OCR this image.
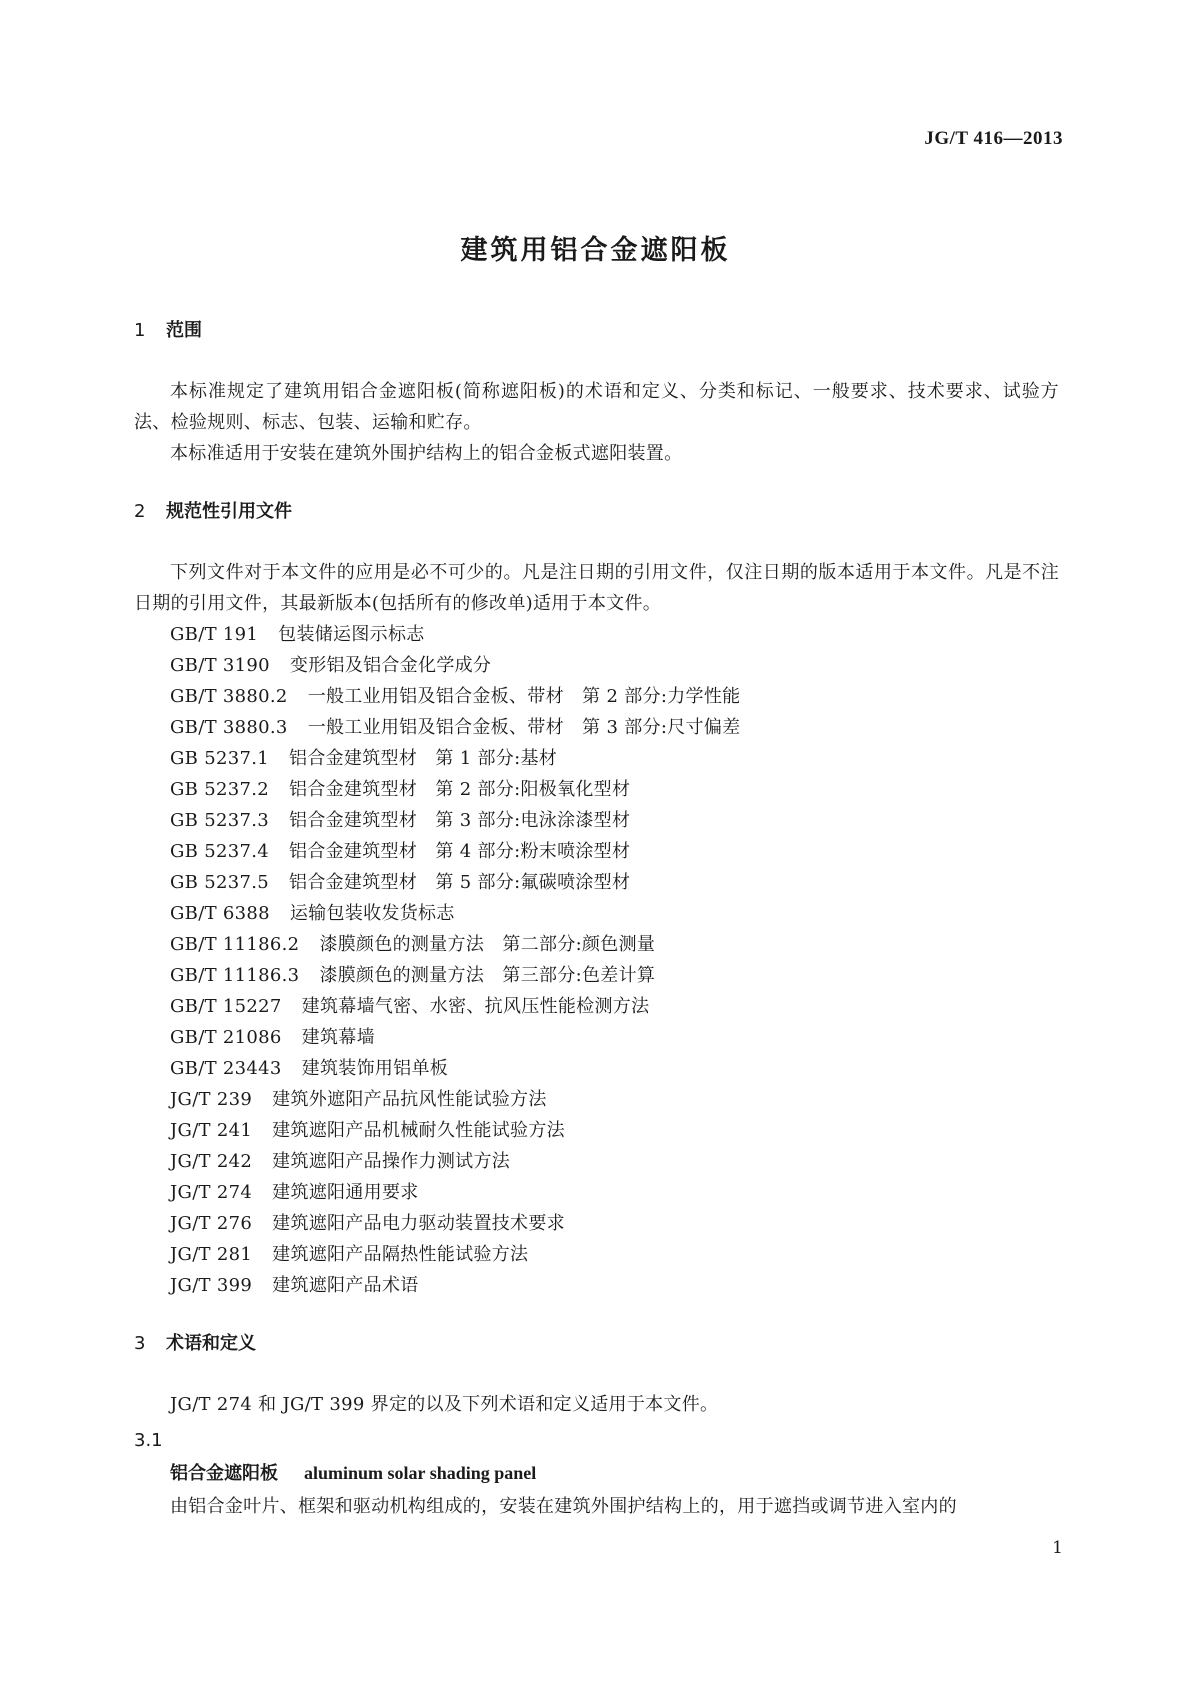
JG/T 416—2013
建筑用铝合金遮阳板
1 范围

本标准规定了建筑用铝合金遮阳板(简称遮阳板)的术语和定义、分类和标记、一般要求、技术要求、试验方法、检验规则、标志、包装、运输和贮存。

本标准适用于安装在建筑外围护结构上的铝合金板式遮阳装置。

2 规范性引用文件

下列文件对于本文件的应用是必不可少的。凡是注日期的引用文件，仅注日期的版本适用于本文件。凡是不注日期的引用文件，其最新版本(包括所有的修改单)适用于本文件。

GB/T 191 包装储运图示标志
GB/T 3190 变形铝及铝合金化学成分
GB/T 3880.2 一般工业用铝及铝合金板、带材　第 2 部分:力学性能
GB/T 3880.3 一般工业用铝及铝合金板、带材　第 3 部分:尺寸偏差
GB 5237.1 铝合金建筑型材　第 1 部分:基材
GB 5237.2 铝合金建筑型材　第 2 部分:阳极氧化型材
GB 5237.3 铝合金建筑型材　第 3 部分:电泳涂漆型材
GB 5237.4 铝合金建筑型材　第 4 部分:粉末喷涂型材
GB 5237.5 铝合金建筑型材　第 5 部分:氟碳喷涂型材
GB/T 6388 运输包装收发货标志
GB/T 11186.2 漆膜颜色的测量方法　第二部分:颜色测量
GB/T 11186.3 漆膜颜色的测量方法　第三部分:色差计算
GB/T 15227 建筑幕墙气密、水密、抗风压性能检测方法
GB/T 21086 建筑幕墙
GB/T 23443 建筑装饰用铝单板
JG/T 239 建筑外遮阳产品抗风性能试验方法
JG/T 241 建筑遮阳产品机械耐久性能试验方法
JG/T 242 建筑遮阳产品操作力测试方法
JG/T 274 建筑遮阳通用要求
JG/T 276 建筑遮阳产品电力驱动装置技术要求
JG/T 281 建筑遮阳产品隔热性能试验方法
JG/T 399 建筑遮阳产品术语
3 术语和定义

JG/T 274 和 JG/T 399 界定的以及下列术语和定义适用于本文件。

3.1
铝合金遮阳板 aluminum solar shading panel

由铝合金叶片、框架和驱动机构组成的，安装在建筑外围护结构上的，用于遮挡或调节进入室内的

1
